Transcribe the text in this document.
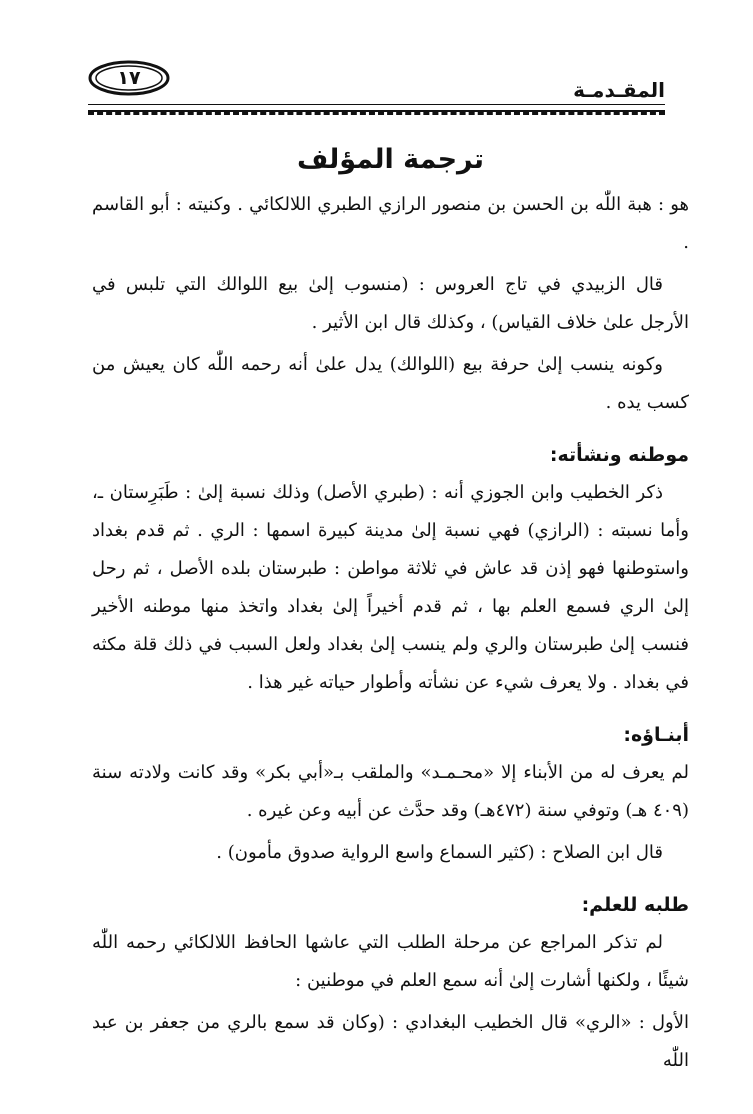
المقـدمـة
١٧
ترجمة المؤلف

هو : هبة اللّٰه بن الحسن بن منصور الرازي الطبري اللالكائي . وكنيته : أبو القاسم .

قال الزبيدي في تاج العروس : (منسوب إلىٰ بيع اللوالك التي تلبس في الأرجل علىٰ خلاف القياس) ، وكذلك قال ابن الأثير .

وكونه ينسب إلىٰ حرفة بيع (اللوالك) يدل علىٰ أنه رحمه اللّٰه كان يعيش من كسب يده .

موطنه ونشأته:

ذكر الخطيب وابن الجوزي أنه : (طبري الأصل) وذلك نسبة إلىٰ : طَبَرِستان ـ، وأما نسبته : (الرازي) فهي نسبة إلىٰ مدينة كبيرة اسمها : الري . ثم قدم بغداد واستوطنها فهو إذن قد عاش في ثلاثة مواطن : طبرستان بلده الأصل ، ثم رحل إلىٰ الري فسمع العلم بها ، ثم قدم أخيراً إلىٰ بغداد واتخذ منها موطنه الأخير فنسب إلىٰ طبرستان والري ولم ينسب إلىٰ بغداد ولعل السبب في ذلك قلة مكثه في بغداد . ولا يعرف شيء عن نشأته وأطوار حياته غير هذا .

أبنـاؤه:

لم يعرف له من الأبناء إلا «محـمـد» والملقب بـ«أبي بكر» وقد كانت ولادته سنة (٤٠٩ هـ) وتوفي سنة (٤٧٢هـ) وقد حدَّث عن أبيه وعن غيره .

قال ابن الصلاح : (كثير السماع واسع الرواية صدوق مأمون) .

طلبه للعلم:

لم تذكر المراجع عن مرحلة الطلب التي عاشها الحافظ اللالكائي رحمه اللّٰه شيئًا ، ولكنها أشارت إلىٰ أنه سمع العلم في موطنين :

الأول : «الري» قال الخطيب البغدادي : (وكان قد سمع بالري من جعفر بن عبد اللّٰه
